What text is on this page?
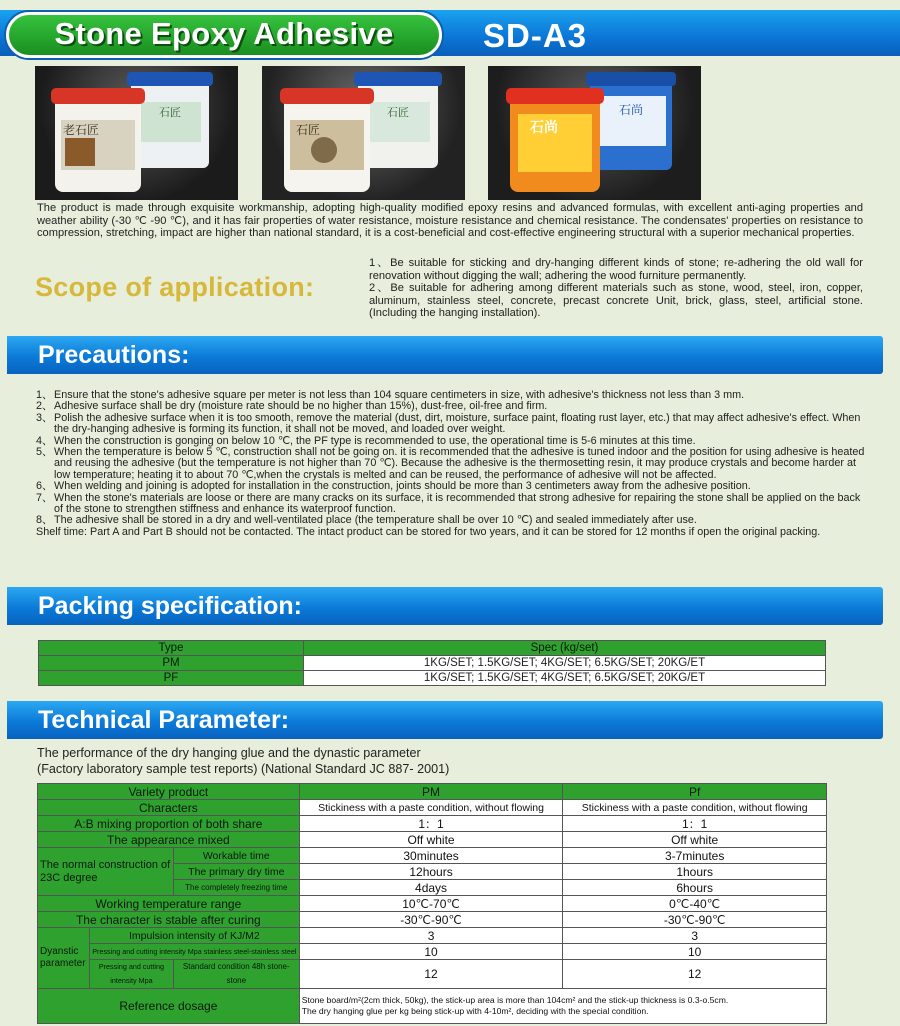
Stone Epoxy Adhesive	SD-A3
石匠
老石匠
石匠
石匠
石尚
石尚
The product is made through exquisite workmanship, adopting high-quality modified epoxy resins and advanced formulas, with excellent anti-aging properties and weather ability (-30 ℃ -90 ℃), and it has fair properties of water resistance, moisture resistance and chemical resistance. The condensates' properties on resistance to compression, stretching, impact are higher than national standard, it is a cost-beneficial and cost-effective engineering structural with a superior mechanical properties.
Scope of application:

1、Be suitable for sticking and dry-hanging different kinds of stone; re-adhering the old wall for renovation without digging the wall; adhering the wood furniture permanently.

2、Be suitable for adhering among different materials such as stone, wood, steel, iron, copper, aluminum, stainless steel, concrete, precast concrete Unit, brick, glass, steel, artificial stone. (Including the hanging installation).

Precautions:
1、 Ensure that the stone's adhesive square per meter is not less than 104 square centimeters in size, with adhesive's thickness not less than 3 mm.
2、 Adhesive surface shall be dry (moisture rate should be no higher than 15%), dust-free, oil-free and firm.
3、 Polish the adhesive surface when it is too smooth, remove the material (dust, dirt, moisture, surface paint, floating rust layer, etc.) that may affect adhesive's effect. When the dry-hanging adhesive is forming its function, it shall not be moved, and loaded over weight.
4、 When the construction is gonging on below 10 ℃, the PF type is recommended to use, the operational time is 5-6 minutes at this time.
5、 When the temperature is below 5 ℃, construction shall not be going on. it is recommended that the adhesive is tuned indoor and the position for using adhesive is heated and reusing the adhesive (but the temperature is not higher than 70 ℃). Because the adhesive is the thermosetting resin, it may produce crystals and become harder at low temperature; heating it to about 70 ℃,when the crystals is melted and can be reused, the performance of adhesive will not be affected.
6、 When welding and joining is adopted for installation in the construction, joints should be more than 3 centimeters away from the adhesive position.
7、 When the stone's materials are loose or there are many cracks on its surface, it is recommended that strong adhesive for repairing the stone shall be applied on the back of the stone to strengthen stiffness and enhance its waterproof function.
8、 The adhesive shall be stored in a dry and well-ventilated place (the temperature shall be over 10 ℃) and sealed immediately after use.
Shelf time: Part A and Part B should not be contacted. The intact product can be stored for two years, and it can be stored for 12 months if open the original packing.
Packing specification:
Type	Spec (kg/set)
PM	1KG/SET; 1.5KG/SET; 4KG/SET; 6.5KG/SET; 20KG/ET
PF	1KG/SET; 1.5KG/SET; 4KG/SET; 6.5KG/SET; 20KG/ET
Technical Parameter:
The performance of the dry hanging glue and the dynastic parameter
(Factory laboratory sample test reports) (National Standard JC 887- 2001)
Variety product			PM	Pf
Characters			Stickiness with a paste condition, without flowing	Stickiness with a paste condition, without flowing
A:B mixing proportion of both share			1：1	1：1
The appearance mixed			Off white	Off white
The normal construction of 23C degree		Workable time	30minutes	3-7minutes
		The primary dry time	12hours	1hours
		The completely freezing time	4days	6hours
Working temperature range			10℃-70℃	0℃-40℃
The character is stable after curing			-30℃-90℃	-30℃-90℃
Dyanstic parameter	Impulsion intensity of KJ/M2		3	3
	Pressing and cutting intensity Mpa stainless steel-stainless steel		10	10
	Pressing and cutting intensity Mpa	Standard condition 48h stone-stone	12	12
Reference dosage			Stone board/m²(2cm thick, 50kg), the stick-up area is more than 104cm² and the stick-up thickness is 0.3-o.5cm.
The dry hanging glue per kg being stick-up with 4-10m², deciding with the special condition.	
